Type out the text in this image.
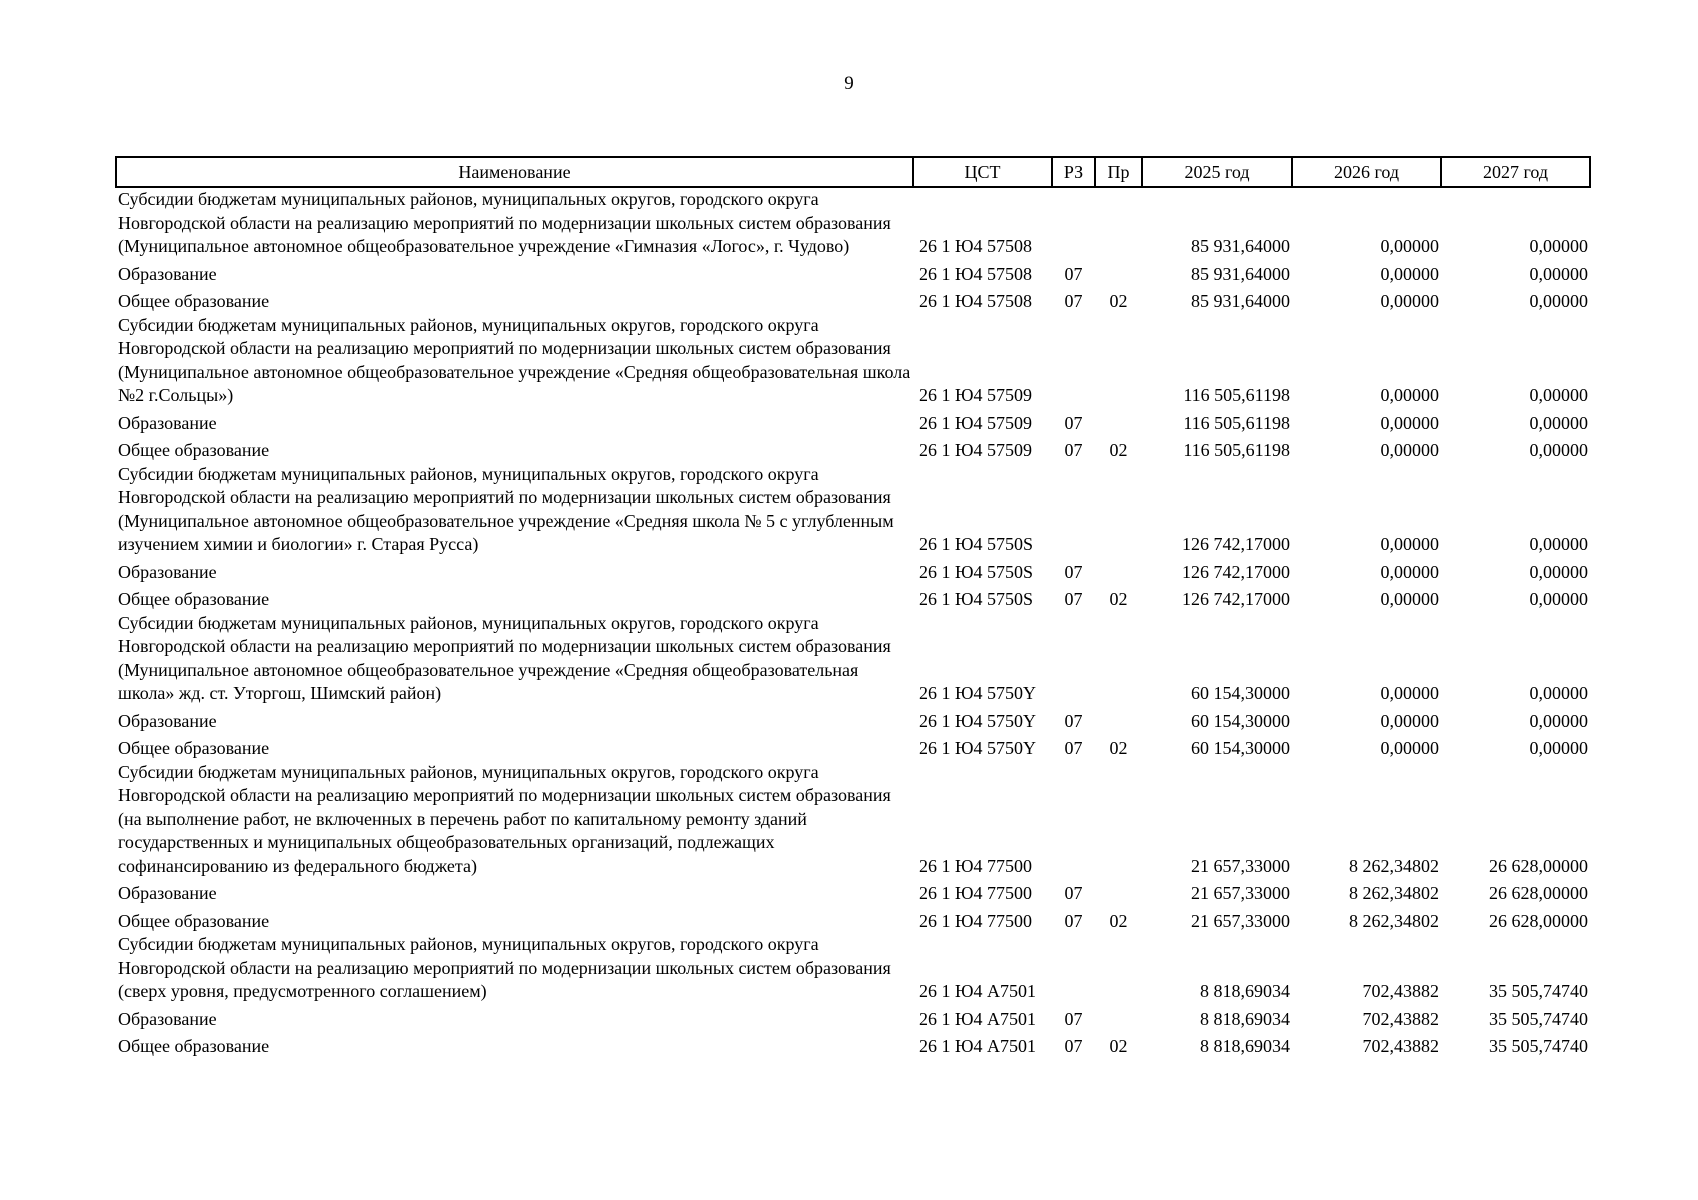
9
Наименование	ЦСТ	РЗ	Пр	2025 год	2026 год	2027 год
Субсидии бюджетам муниципальных районов, муниципальных округов, городского округа Новгородской области на реализацию мероприятий по модернизации школьных систем образования (Муниципальное автономное общеобразовательное учреждение «Гимназия «Логос», г. Чудово)	26 1 Ю4 57508			85 931,64000	0,00000	0,00000
Образование	26 1 Ю4 57508	07		85 931,64000	0,00000	0,00000
Общее образование	26 1 Ю4 57508	07	02	85 931,64000	0,00000	0,00000
Субсидии бюджетам муниципальных районов, муниципальных округов, городского округа Новгородской области на реализацию мероприятий по модернизации школьных систем образования (Муниципальное автономное общеобразовательное учреждение «Средняя общеобразовательная школа №2 г.Сольцы»)	26 1 Ю4 57509			116 505,61198	0,00000	0,00000
Образование	26 1 Ю4 57509	07		116 505,61198	0,00000	0,00000
Общее образование	26 1 Ю4 57509	07	02	116 505,61198	0,00000	0,00000
Субсидии бюджетам муниципальных районов, муниципальных округов, городского округа Новгородской области на реализацию мероприятий по модернизации школьных систем образования (Муниципальное автономное общеобразовательное учреждение «Средняя школа № 5 с углубленным изучением химии и биологии» г. Старая Русса)	26 1 Ю4 5750S			126 742,17000	0,00000	0,00000
Образование	26 1 Ю4 5750S	07		126 742,17000	0,00000	0,00000
Общее образование	26 1 Ю4 5750S	07	02	126 742,17000	0,00000	0,00000
Субсидии бюджетам муниципальных районов, муниципальных округов, городского округа Новгородской области на реализацию мероприятий по модернизации школьных систем образования (Муниципальное автономное общеобразовательное учреждение «Средняя общеобразовательная школа» жд. ст. Уторгош, Шимский район)	26 1 Ю4 5750Y			60 154,30000	0,00000	0,00000
Образование	26 1 Ю4 5750Y	07		60 154,30000	0,00000	0,00000
Общее образование	26 1 Ю4 5750Y	07	02	60 154,30000	0,00000	0,00000
Субсидии бюджетам муниципальных районов, муниципальных округов, городского округа Новгородской области на реализацию мероприятий по модернизации школьных систем образования (на выполнение работ, не включенных в перечень работ по капитальному ремонту зданий государственных и муниципальных общеобразовательных организаций, подлежащих софинансированию из федерального бюджета)	26 1 Ю4 77500			21 657,33000	8 262,34802	26 628,00000
Образование	26 1 Ю4 77500	07		21 657,33000	8 262,34802	26 628,00000
Общее образование	26 1 Ю4 77500	07	02	21 657,33000	8 262,34802	26 628,00000
Субсидии бюджетам муниципальных районов, муниципальных округов, городского округа Новгородской области на реализацию мероприятий по модернизации школьных систем образования (сверх уровня, предусмотренного соглашением)	26 1 Ю4 А7501			8 818,69034	702,43882	35 505,74740
Образование	26 1 Ю4 А7501	07		8 818,69034	702,43882	35 505,74740
Общее образование	26 1 Ю4 А7501	07	02	8 818,69034	702,43882	35 505,74740
